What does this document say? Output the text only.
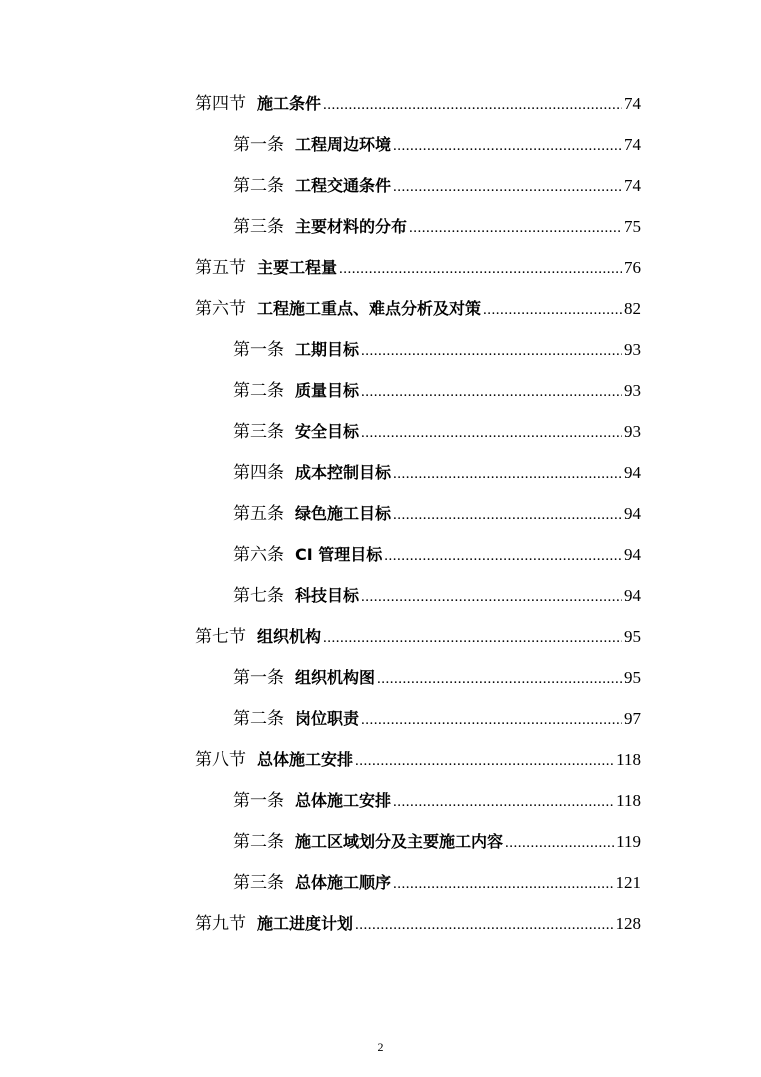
第四节 施工条件 .....	74
第一条 工程周边环境 .....	74
第二条 工程交通条件 .....	74
第三条 主要材料的分布 .....	75
第五节 主要工程量 .....	76
第六节 工程施工重点、难点分析及对策 .....	82
第一条 工期目标 .....	93
第二条 质量目标 .....	93
第三条 安全目标 .....	93
第四条 成本控制目标 .....	94
第五条 绿色施工目标 .....	94
第六条 CI 管理目标 .....	94
第七条 科技目标 .....	94
第七节 组织机构 .....	95
第一条 组织机构图 .....	95
第二条 岗位职责 .....	97
第八节 总体施工安排 .....	118
第一条 总体施工安排 .....	118
第二条 施工区域划分及主要施工内容 .....	119
第三条 总体施工顺序 .....	121
第九节 施工进度计划 .....	128
2
